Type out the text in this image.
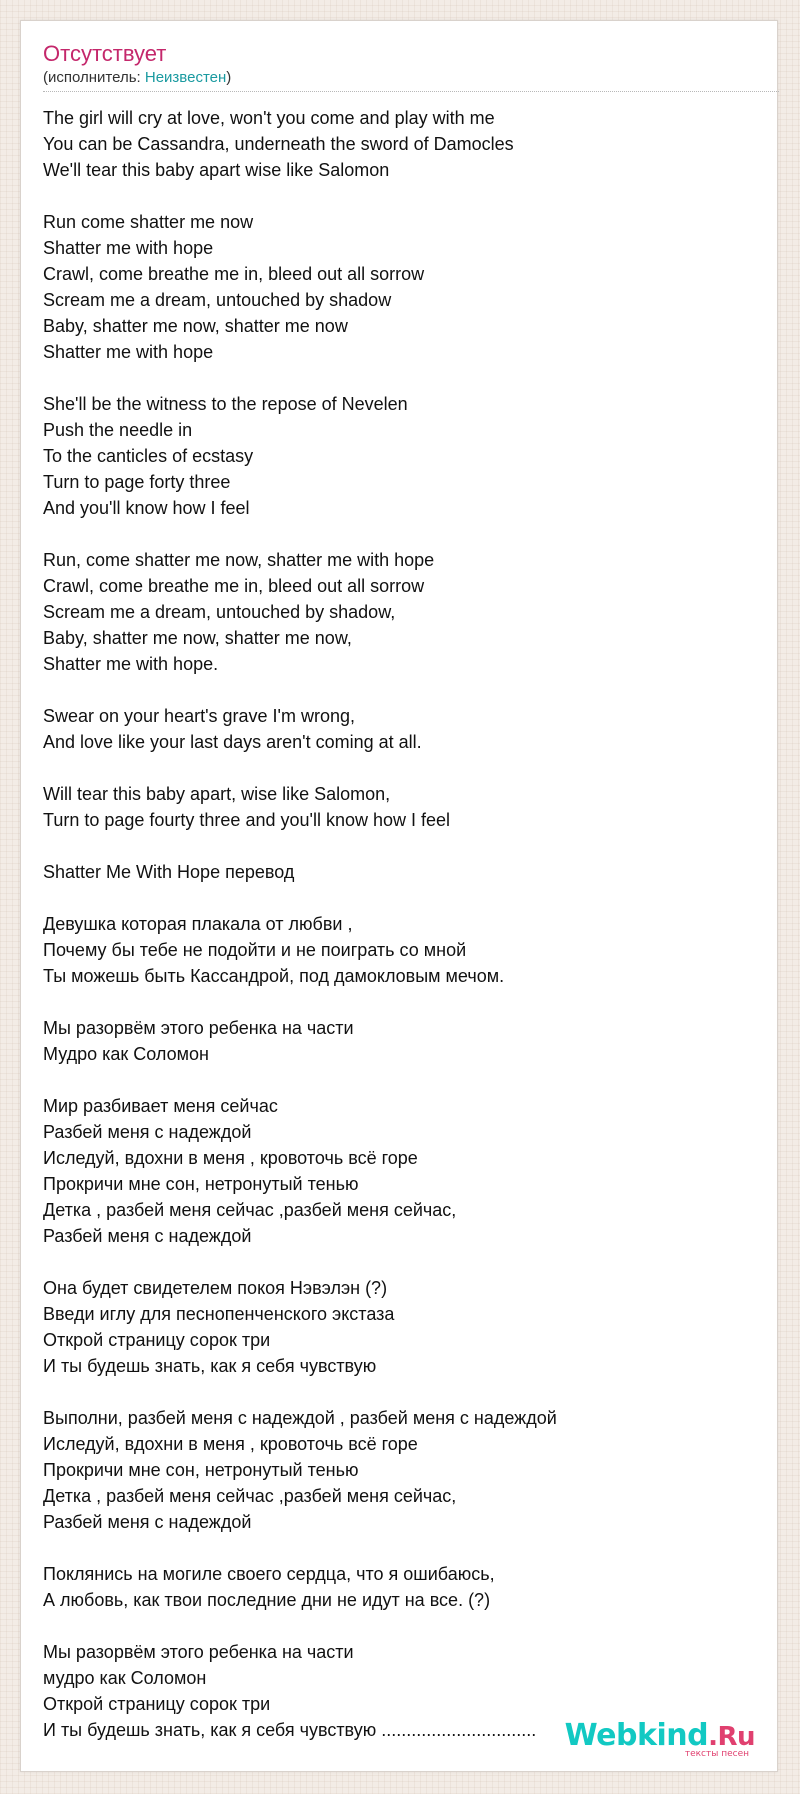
Отсутствует
(исполнитель: Неизвестен)
The girl will cry at love, won't you come and play with me
You can be Cassandra, underneath the sword of Damocles
We'll tear this baby apart wise like Salomon
Run come shatter me now
Shatter me with hope
Crawl, come breathe me in, bleed out all sorrow
Scream me a dream, untouched by shadow
Baby, shatter me now, shatter me now
Shatter me with hope
She'll be the witness to the repose of Nevelen
Push the needle in
To the canticles of ecstasy
Turn to page forty three
And you'll know how I feel
Run, come shatter me now, shatter me with hope
Crawl, come breathe me in, bleed out all sorrow
Scream me a dream, untouched by shadow,
Baby, shatter me now, shatter me now,
Shatter me with hope.
Swear on your heart's grave I'm wrong,
And love like your last days aren't coming at all.
Will tear this baby apart, wise like Salomon,
Turn to page fourty three and you'll know how I feel
Shatter Me With Hope перевод
Девушка которая плакала от любви ,
Почему бы тебе не подойти и не поиграть со мной
Ты можешь быть Кассандрой, под дамокловым мечом.
Мы разорвём этого ребенка на части
Мудро как Соломон
Мир разбивает меня сейчас
Разбей меня с надеждой
Иследуй, вдохни в меня , кровоточь всё горе
Прокричи мне сон, нетронутый тенью
Детка , разбей меня сейчас ,разбей меня сейчас,
Разбей меня с надеждой
Она будет свидетелем покоя Нэвэлэн (?)
Введи иглу для песнопенченского экстаза
Открой страницу сорок три
И ты будешь знать, как я себя чувствую
Выполни, разбей меня с надеждой , разбей меня с надеждой
Иследуй, вдохни в меня , кровоточь всё горе
Прокричи мне сон, нетронутый тенью
Детка , разбей меня сейчас ,разбей меня сейчас,
Разбей меня с надеждой
Поклянись на могиле своего сердца, что я ошибаюсь,
А любовь, как твои последние дни не идут на все. (?)
Мы разорвём этого ребенка на части
мудро как Соломон
Открой страницу сорок три
И ты будешь знать, как я себя чувствую ............................... Webkind.Ru
тексты песен
